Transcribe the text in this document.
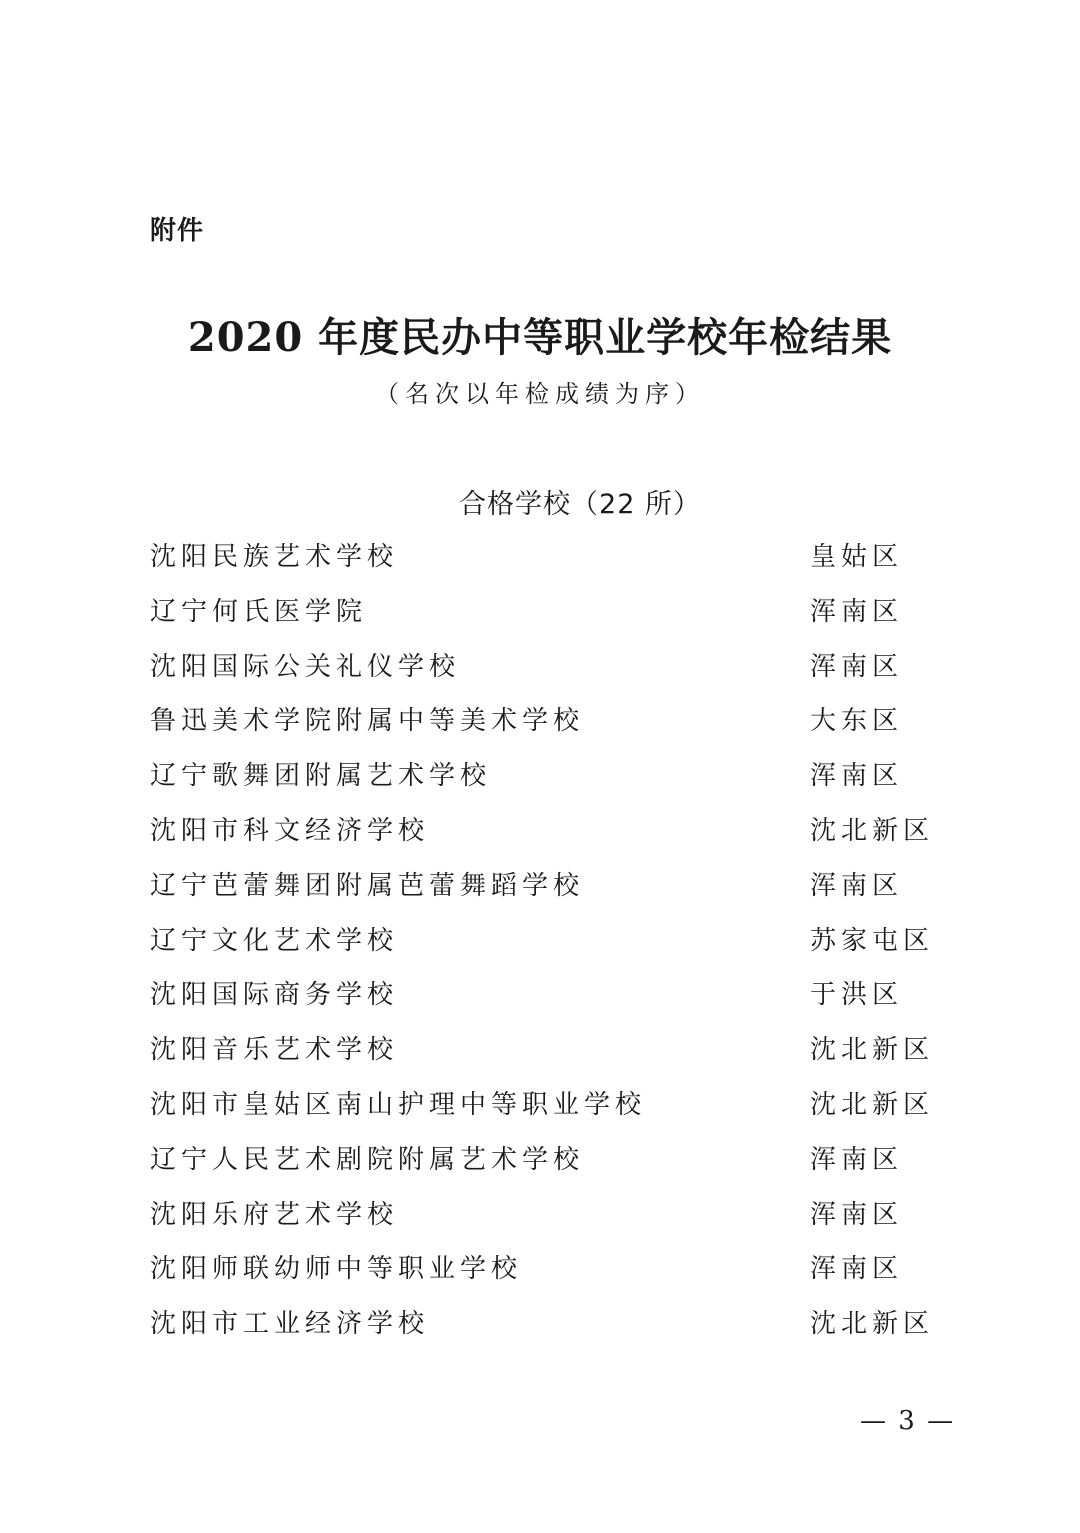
附件
2020 年度民办中等职业学校年检结果
（名次以年检成绩为序）
合格学校（22 所）
沈阳民族艺术学校	皇姑区
辽宁何氏医学院	浑南区
沈阳国际公关礼仪学校	浑南区
鲁迅美术学院附属中等美术学校	大东区
辽宁歌舞团附属艺术学校	浑南区
沈阳市科文经济学校	沈北新区
辽宁芭蕾舞团附属芭蕾舞蹈学校	浑南区
辽宁文化艺术学校	苏家屯区
沈阳国际商务学校	于洪区
沈阳音乐艺术学校	沈北新区
沈阳市皇姑区南山护理中等职业学校	沈北新区
辽宁人民艺术剧院附属艺术学校	浑南区
沈阳乐府艺术学校	浑南区
沈阳师联幼师中等职业学校	浑南区
沈阳市工业经济学校	沈北新区
— 3 —
